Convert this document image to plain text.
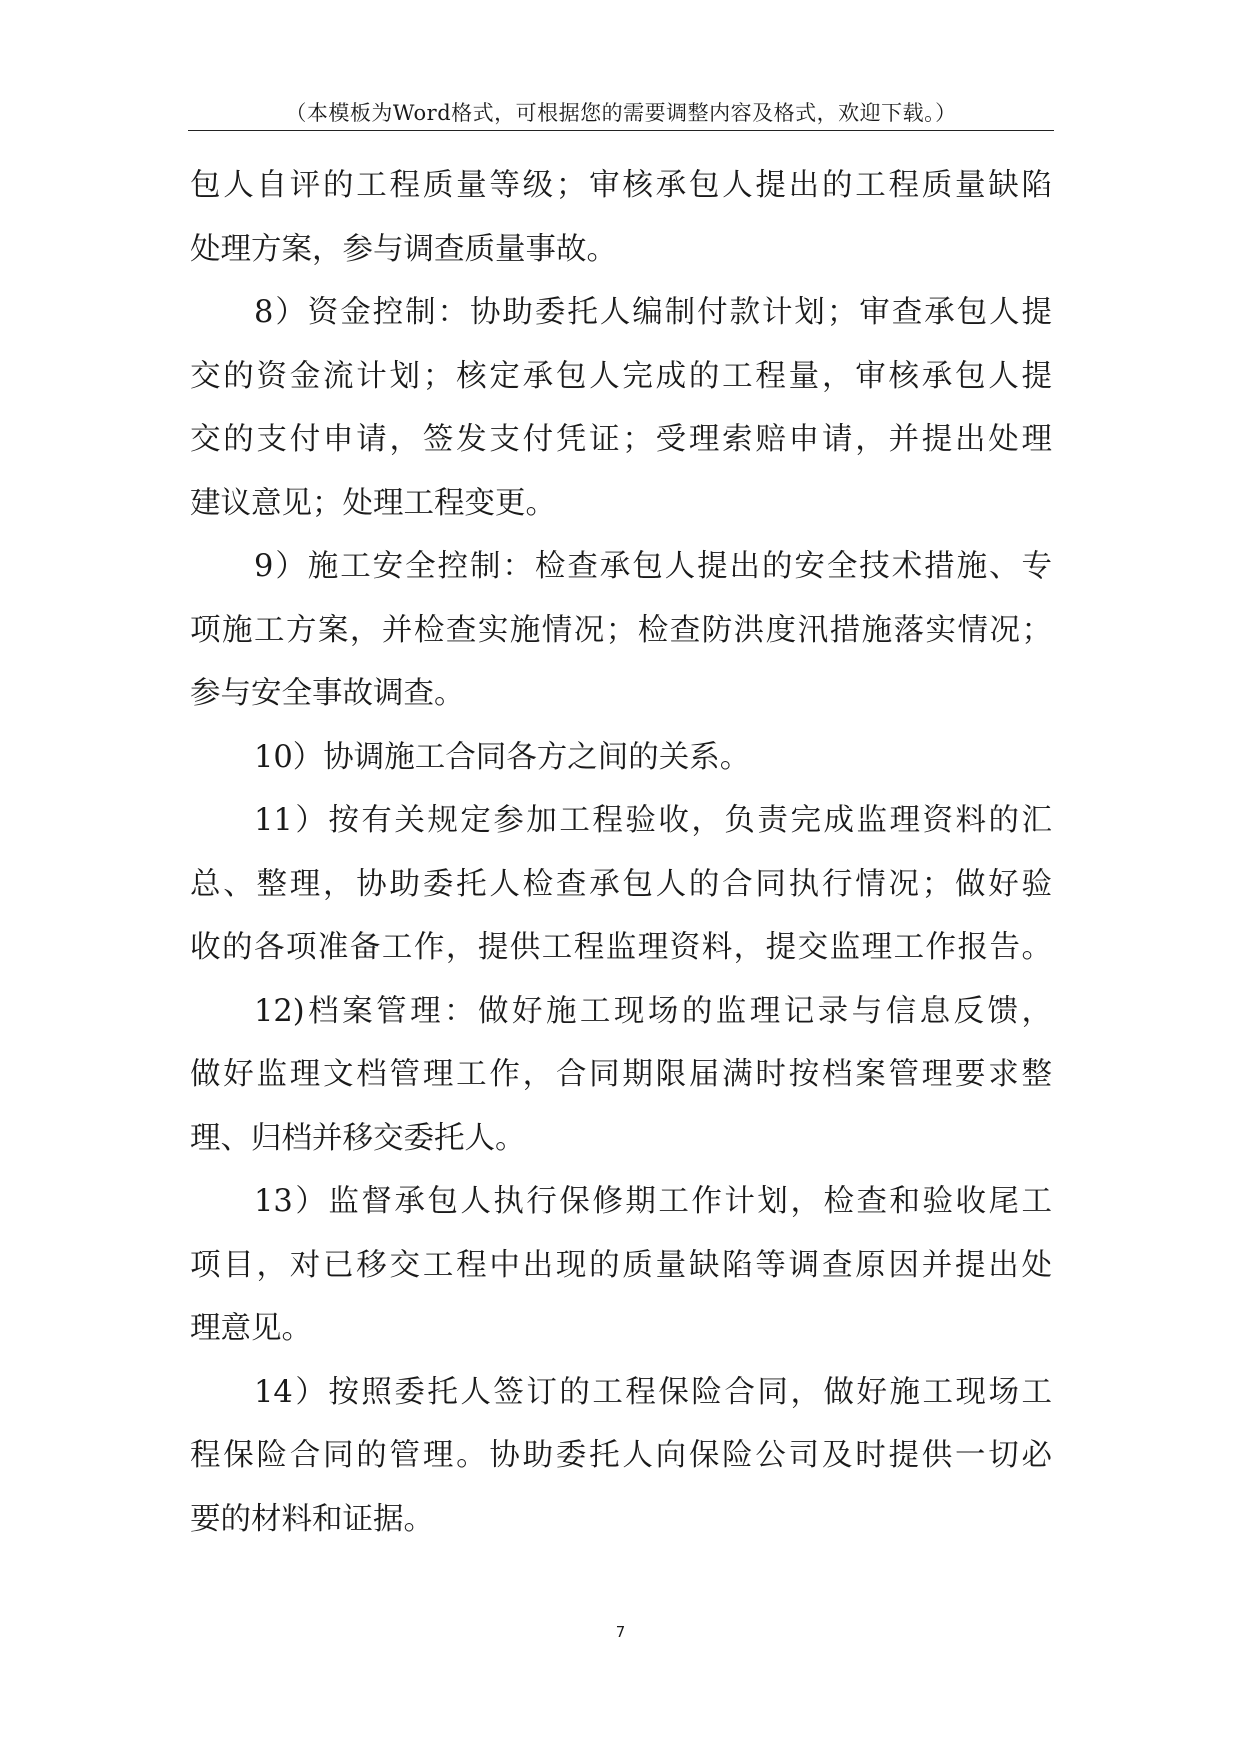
（本模板为Word格式，可根据您的需要调整内容及格式，欢迎下载。）
包人自评的工程质量等级；审核承包人提出的工程质量缺陷
处理方案，参与调查质量事故。
8）资金控制：协助委托人编制付款计划；审查承包人提
交的资金流计划；核定承包人完成的工程量，审核承包人提
交的支付申请，签发支付凭证；受理索赔申请，并提出处理
建议意见；处理工程变更。
9）施工安全控制：检查承包人提出的安全技术措施、专
项施工方案，并检查实施情况；检查防洪度汛措施落实情况；
参与安全事故调查。
10）协调施工合同各方之间的关系。
11）按有关规定参加工程验收，负责完成监理资料的汇
总、整理，协助委托人检查承包人的合同执行情况；做好验
收的各项准备工作，提供工程监理资料，提交监理工作报告。
12)档案管理：做好施工现场的监理记录与信息反馈，
做好监理文档管理工作，合同期限届满时按档案管理要求整
理、归档并移交委托人。
13）监督承包人执行保修期工作计划，检查和验收尾工
项目，对已移交工程中出现的质量缺陷等调查原因并提出处
理意见。
14）按照委托人签订的工程保险合同，做好施工现场工
程保险合同的管理。协助委托人向保险公司及时提供一切必
要的材料和证据。
7
